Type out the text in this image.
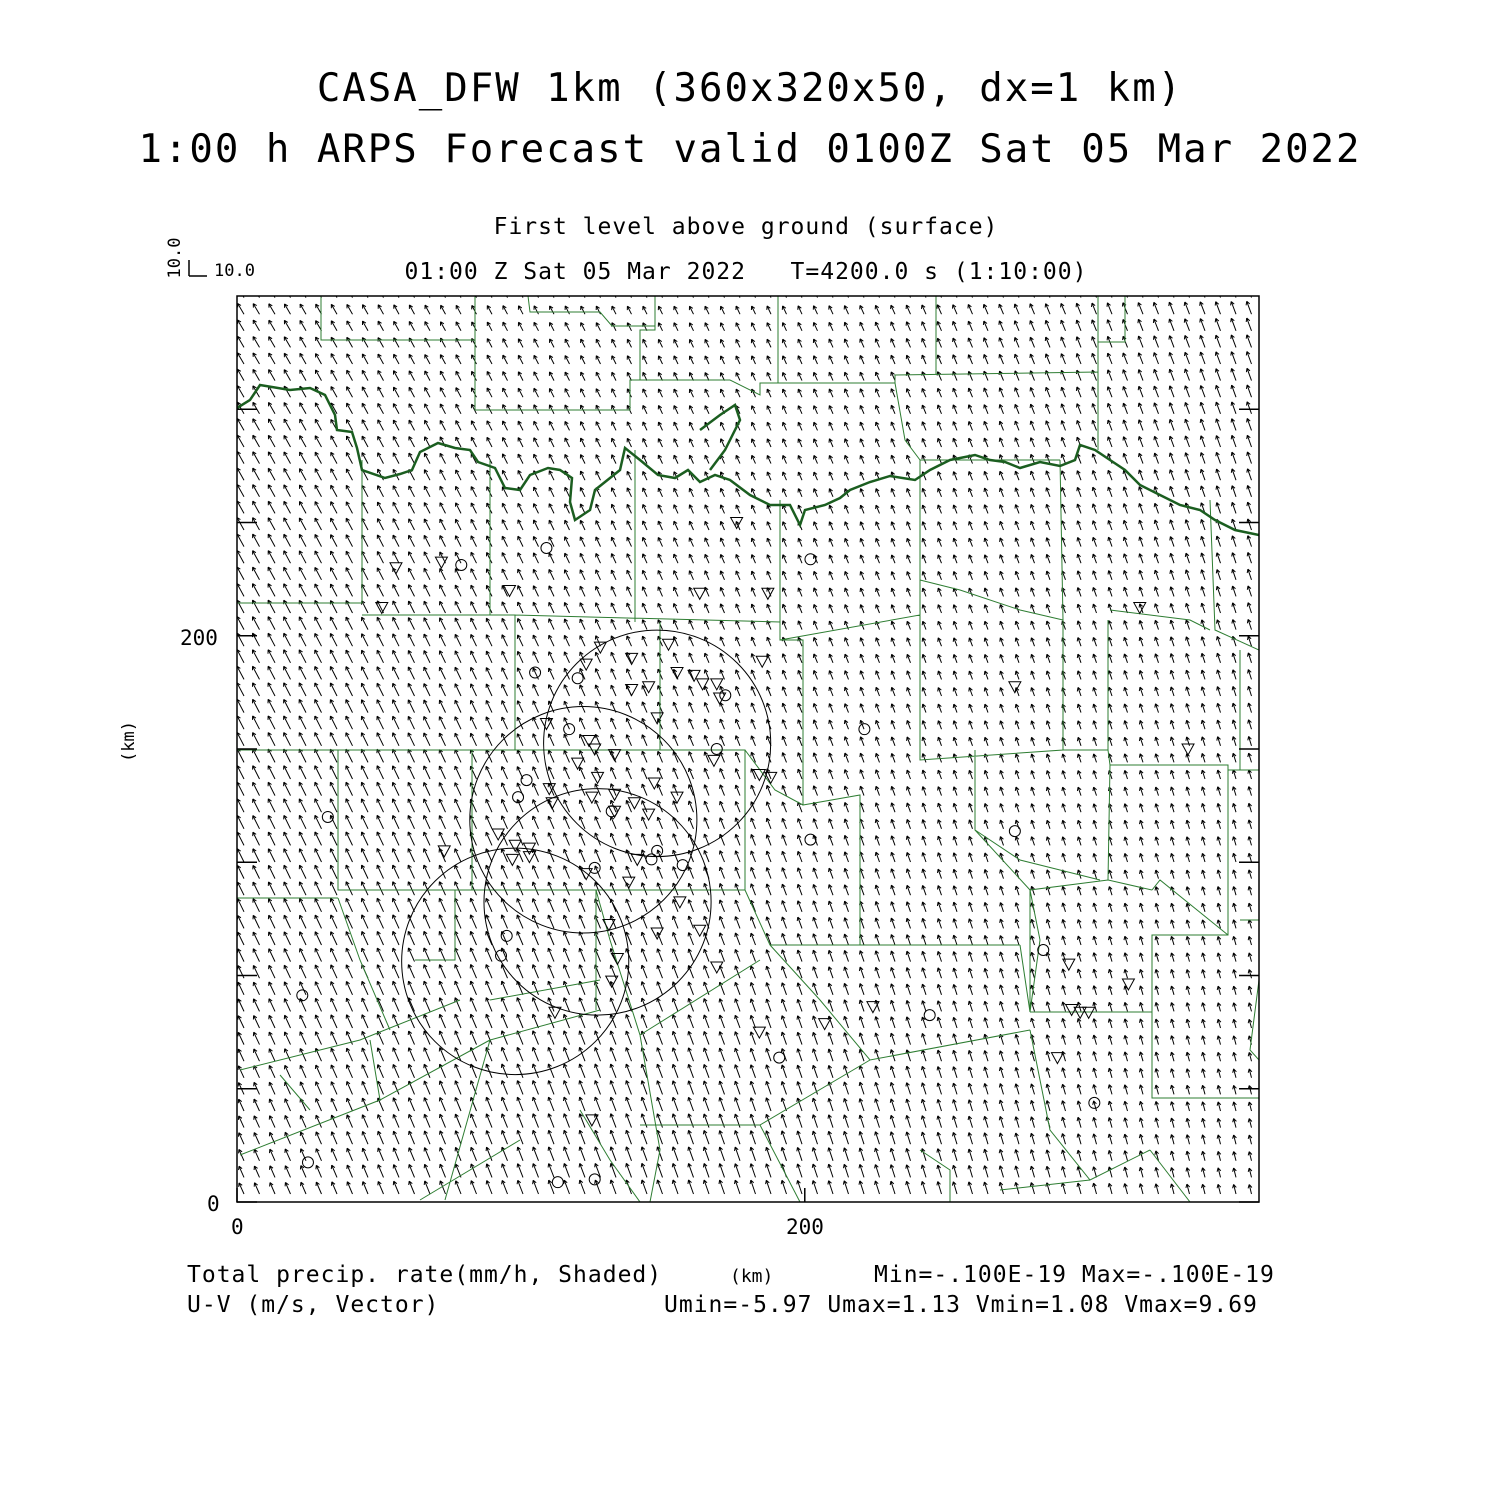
CASA_DFW 1km (360x320x50, dx=1 km)
1:00 h ARPS Forecast valid 0100Z Sat 05 Mar 2022
First level above ground (surface)
01:00 Z Sat 05 Mar 2022   T=4200.0 s (1:10:00)
10.0 10.0
200
0
0	200
(km)
(km)
Total precip. rate(mm/h, Shaded)
U-V (m/s, Vector)
Min=-.100E-19 Max=-.100E-19
Umin=-5.97 Umax=1.13 Vmin=1.08 Vmax=9.69
